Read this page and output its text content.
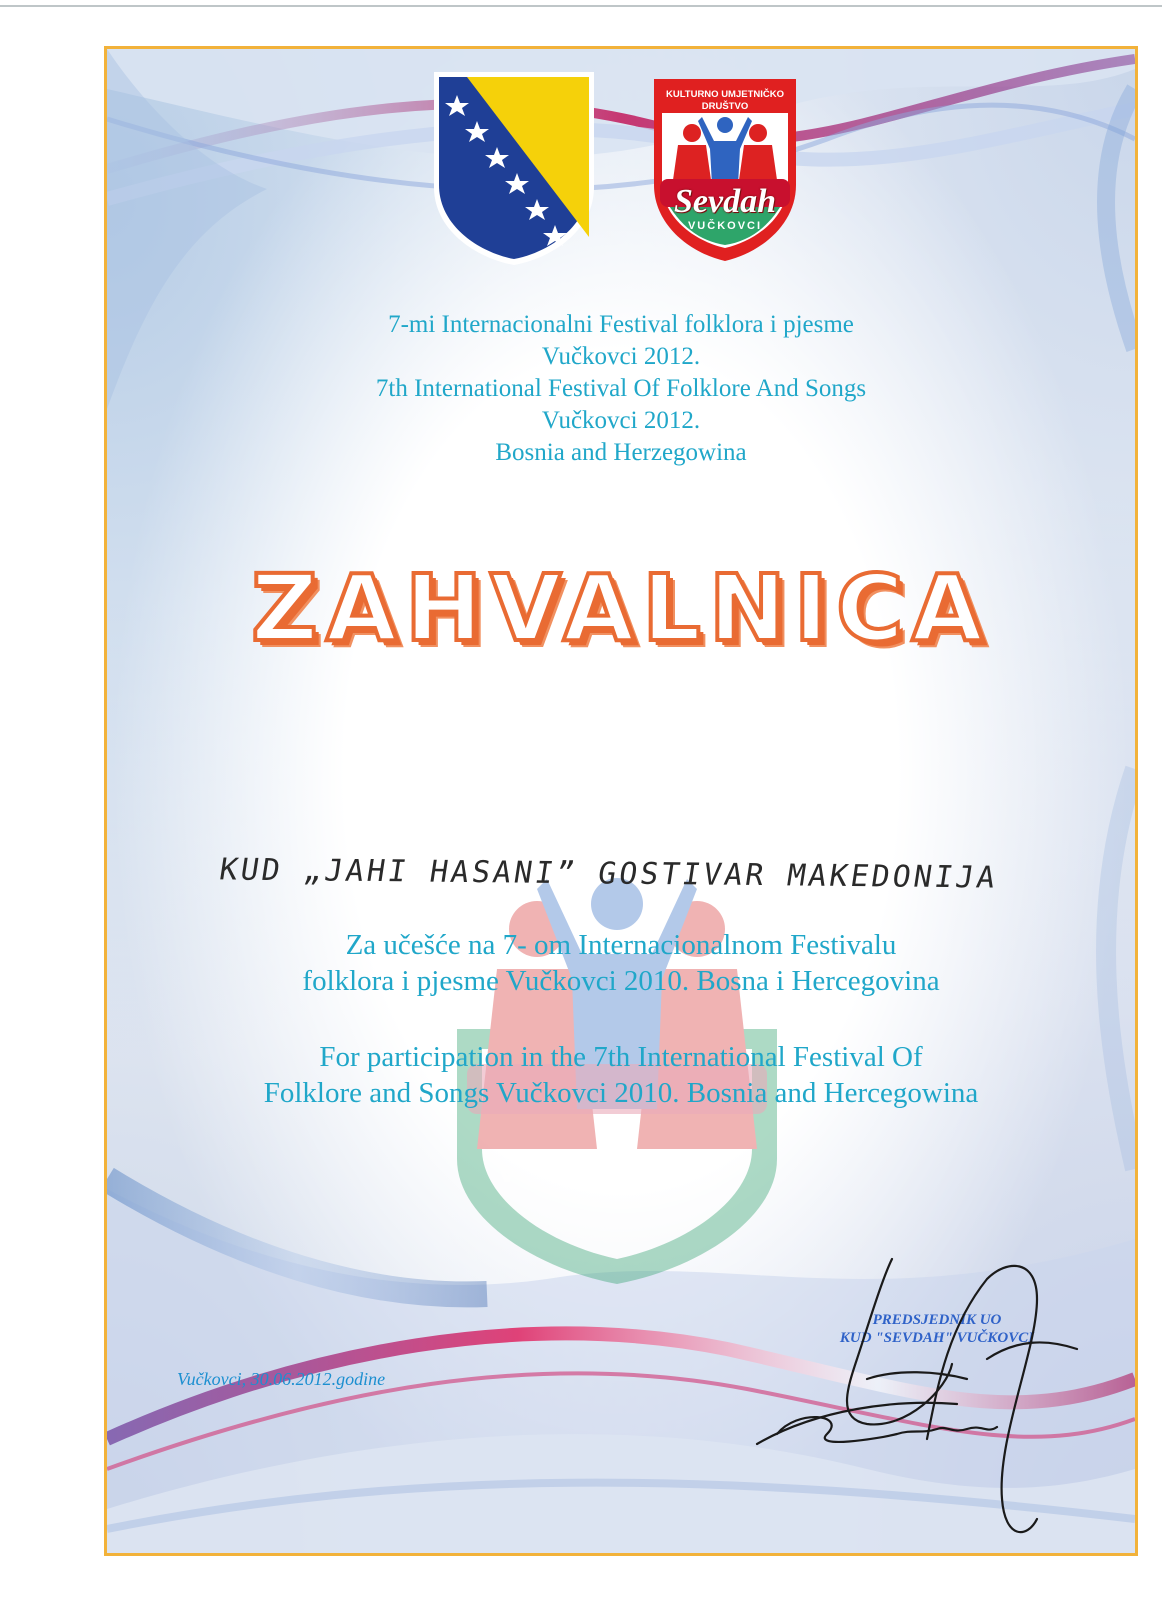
VUČKOVCI
KULTURNO UMJETNIČKO DRUŠTVO
Sevdah
VUČKOVCI
7-mi Internacionalni Festival folklora i pjesme
Vučkovci 2012.
7th International Festival Of Folklore And Songs
Vučkovci 2012.
Bosnia and Herzegowina
ZAHVALNICA
KUD „JAHI HASANI” GOSTIVAR MAKEDONIJA
Za učešće na 7- om Internacionalnom Festivalu
folklora i pjesme Vučkovci 2010. Bosna i Hercegovina
For participation in the 7th International Festival Of
Folklore and Songs Vučkovci 2010. Bosnia and Hercegowina
Vučkovci, 30.06.2012.godine
PREDSJEDNIK UO
KUD "SEVDAH" VUČKOVCI
